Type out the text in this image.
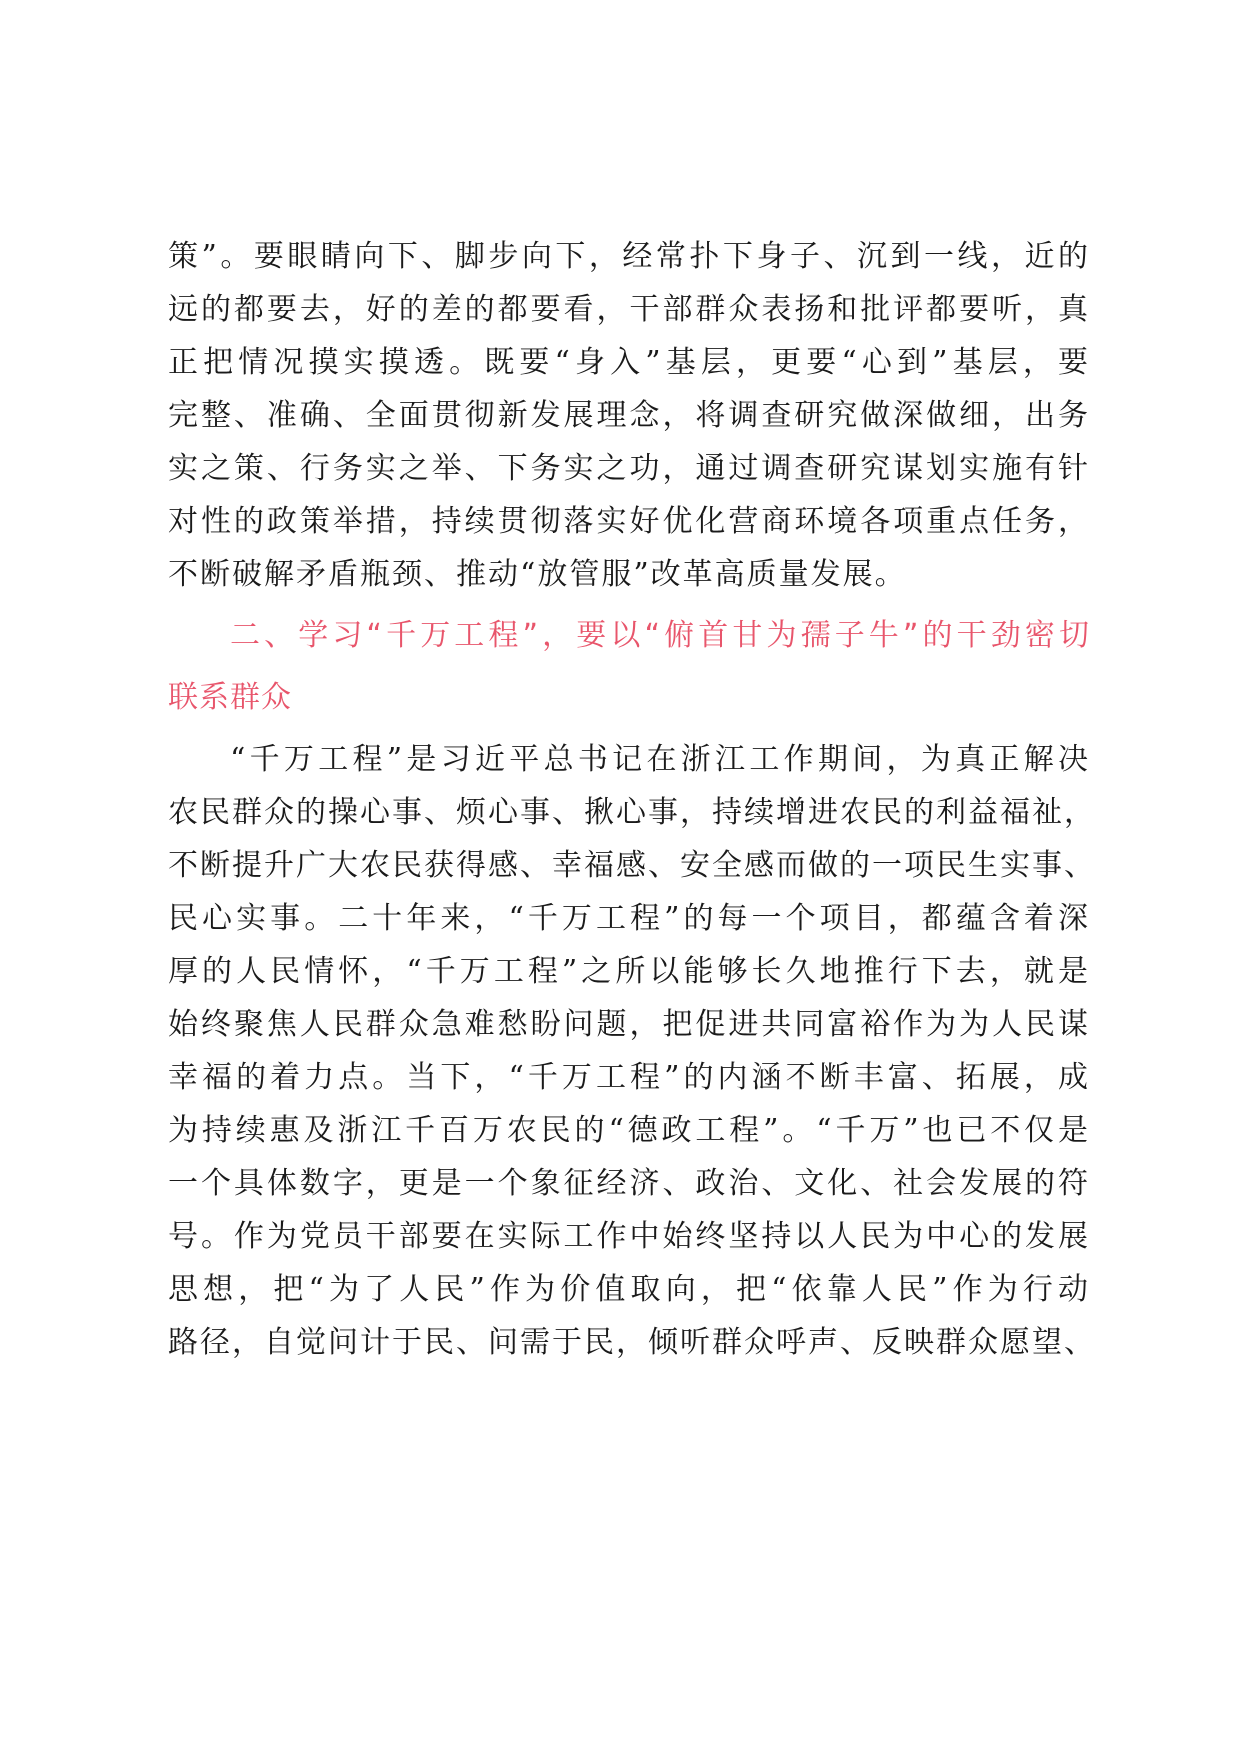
策”。要眼睛向下、脚步向下，经常扑下身子、沉到一线，近的
远的都要去，好的差的都要看，干部群众表扬和批评都要听，真
正把情况摸实摸透。既要“身入”基层，更要“心到”基层，要
完整、准确、全面贯彻新发展理念，将调查研究做深做细，出务
实之策、行务实之举、下务实之功，通过调查研究谋划实施有针
对性的政策举措，持续贯彻落实好优化营商环境各项重点任务，
不断破解矛盾瓶颈、推动“放管服”改革高质量发展。
二、学习“千万工程”，要以“俯首甘为孺子牛”的干劲密切
联系群众
“千万工程”是习近平总书记在浙江工作期间，为真正解决
农民群众的操心事、烦心事、揪心事，持续增进农民的利益福祉，
不断提升广大农民获得感、幸福感、安全感而做的一项民生实事、
民心实事。二十年来，“千万工程”的每一个项目，都蕴含着深
厚的人民情怀，“千万工程”之所以能够长久地推行下去，就是
始终聚焦人民群众急难愁盼问题，把促进共同富裕作为为人民谋
幸福的着力点。当下，“千万工程”的内涵不断丰富、拓展，成
为持续惠及浙江千百万农民的“德政工程”。“千万”也已不仅是
一个具体数字，更是一个象征经济、政治、文化、社会发展的符
号。作为党员干部要在实际工作中始终坚持以人民为中心的发展
思想，把“为了人民”作为价值取向，把“依靠人民”作为行动
路径，自觉问计于民、问需于民，倾听群众呼声、反映群众愿望、
